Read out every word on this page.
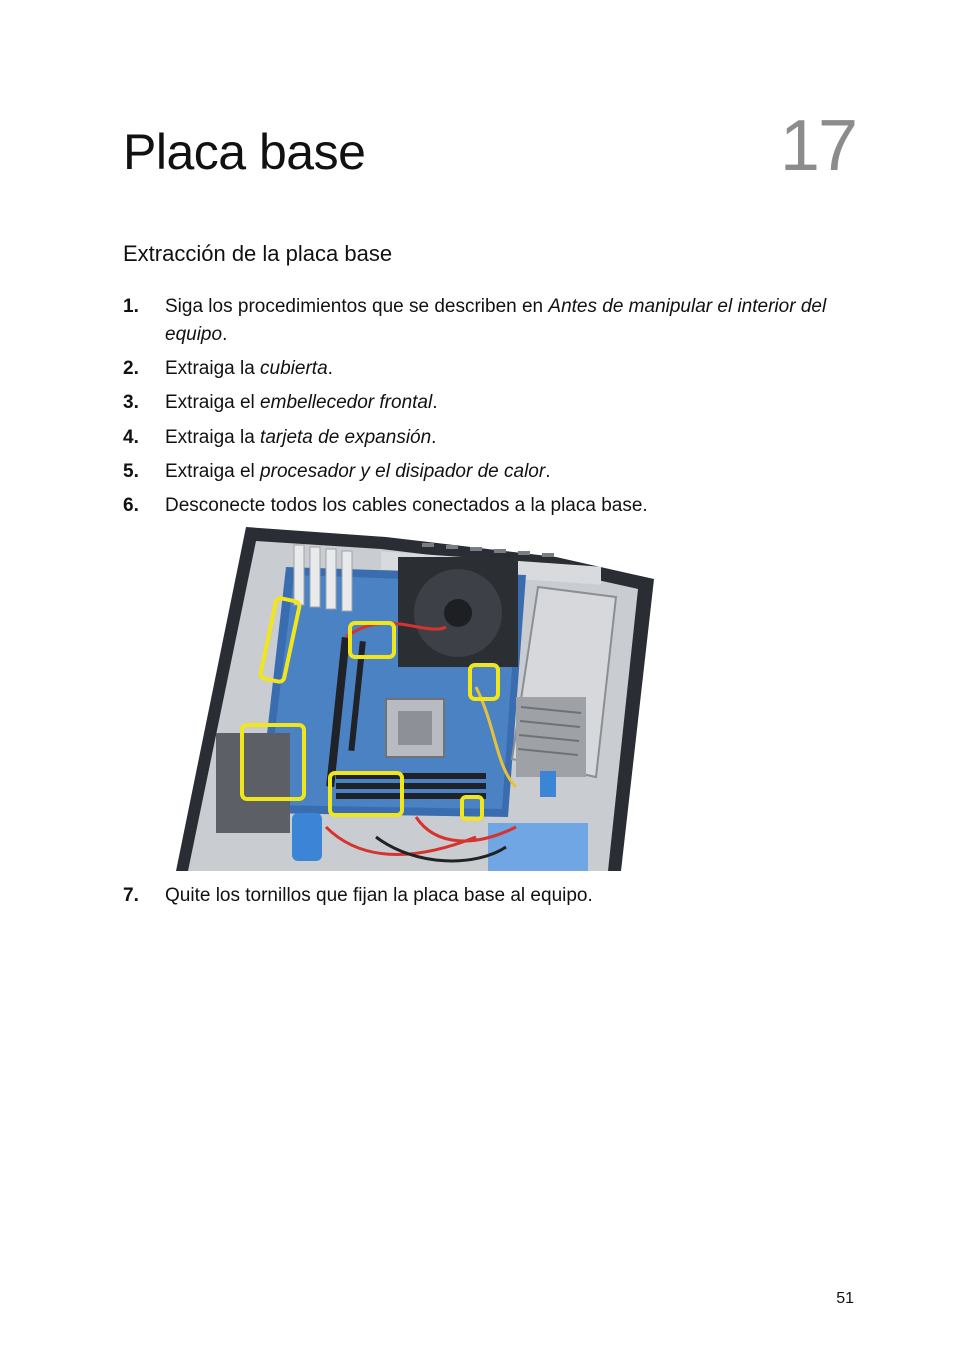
Placa base	17
Extracción de la placa base
1. Siga los procedimientos que se describen en Antes de manipular el interior del equipo.
2. Extraiga la cubierta.
3. Extraiga el embellecedor frontal.
4. Extraiga la tarjeta de expansión.
5. Extraiga el procesador y el disipador de calor.
6. Desconecte todos los cables conectados a la placa base.
7. Quite los tornillos que fijan la placa base al equipo.
51
